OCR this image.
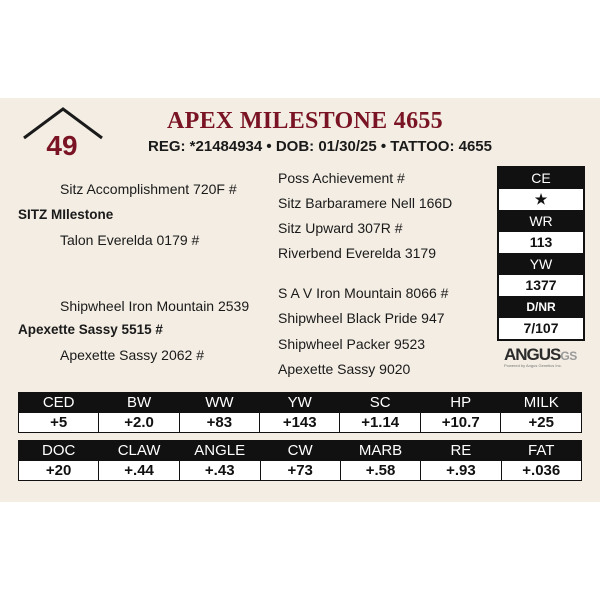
49
APEX MILESTONE 4655
REG: *21484934 • DOB: 01/30/25 • TATTOO: 4655
Sitz Accomplishment 720F #
SITZ MIlestone
Talon Everelda 0179 #
Shipwheel Iron Mountain 2539
Apexette Sassy 5515 #
Apexette Sassy 2062 #
Poss Achievement #
Sitz Barbaramere Nell 166D
Sitz Upward 307R #
Riverbend Everelda 3179
S A V Iron Mountain 8066 #
Shipwheel Black Pride 947
Shipwheel Packer 9523
Apexette Sassy 9020
CE
★
WR
113
YW
1377
D/NR
7/107
ANGUSGS
Powered by Angus Genetics Inc.
CED	BW	WW	YW	SC	HP	MILK
+5	+2.0	+83	+143	+1.14	+10.7	+25
DOC	CLAW	ANGLE	CW	MARB	RE	FAT
+20	+.44	+.43	+73	+.58	+.93	+.036
